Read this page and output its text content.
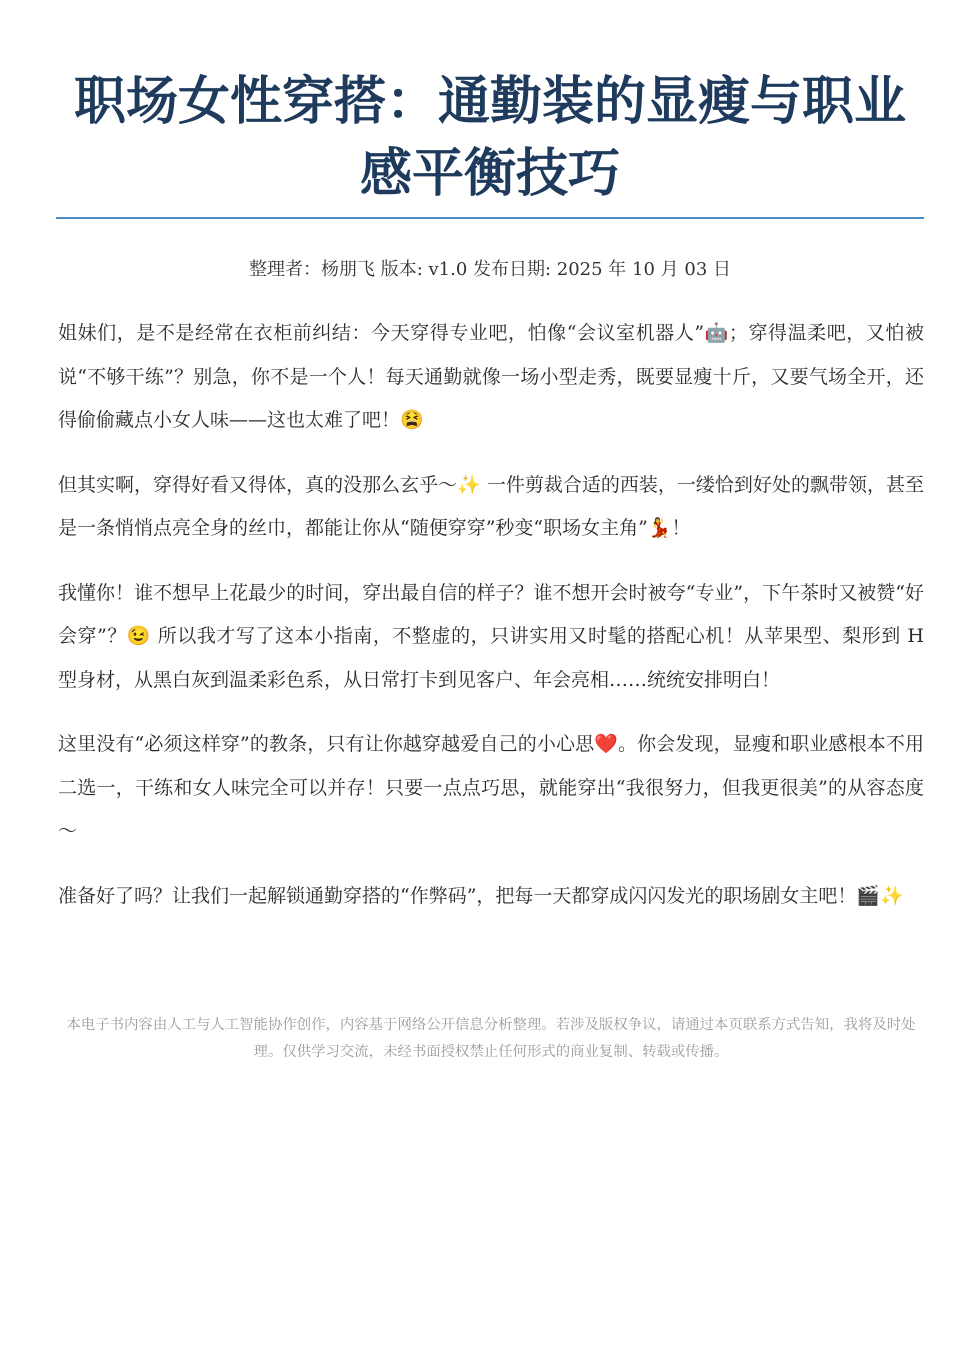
职场女性穿搭：通勤装的显瘦与职业感平衡技巧
整理者：杨朋飞 版本: v1.0 发布日期: 2025 年 10 月 03 日

姐妹们，是不是经常在衣柜前纠结：今天穿得专业吧，怕像“会议室机器人”🤖；穿得温柔吧，又怕被说“不够干练”？别急，你不是一个人！每天通勤就像一场小型走秀，既要显瘦十斤，又要气场全开，还得偷偷藏点小女人味——这也太难了吧！😫

但其实啊，穿得好看又得体，真的没那么玄乎～✨ 一件剪裁合适的西装，一缕恰到好处的飘带领，甚至是一条悄悄点亮全身的丝巾，都能让你从“随便穿穿”秒变“职场女主角”💃！

我懂你！谁不想早上花最少的时间，穿出最自信的样子？谁不想开会时被夸“专业”，下午茶时又被赞“好会穿”？😉 所以我才写了这本小指南，不整虚的，只讲实用又时髦的搭配心机！从苹果型、梨形到 H 型身材，从黑白灰到温柔彩色系，从日常打卡到见客户、年会亮相……统统安排明白！

这里没有“必须这样穿”的教条，只有让你越穿越爱自己的小心思❤️。你会发现，显瘦和职业感根本不用二选一，干练和女人味完全可以并存！只要一点点巧思，就能穿出“我很努力，但我更很美”的从容态度～

准备好了吗？让我们一起解锁通勤穿搭的“作弊码”，把每一天都穿成闪闪发光的职场剧女主吧！🎬✨

本电子书内容由人工与人工智能协作创作，内容基于网络公开信息分析整理。若涉及版权争议，请通过本页联系方式告知，我将及时处理。仅供学习交流，未经书面授权禁止任何形式的商业复制、转载或传播。
